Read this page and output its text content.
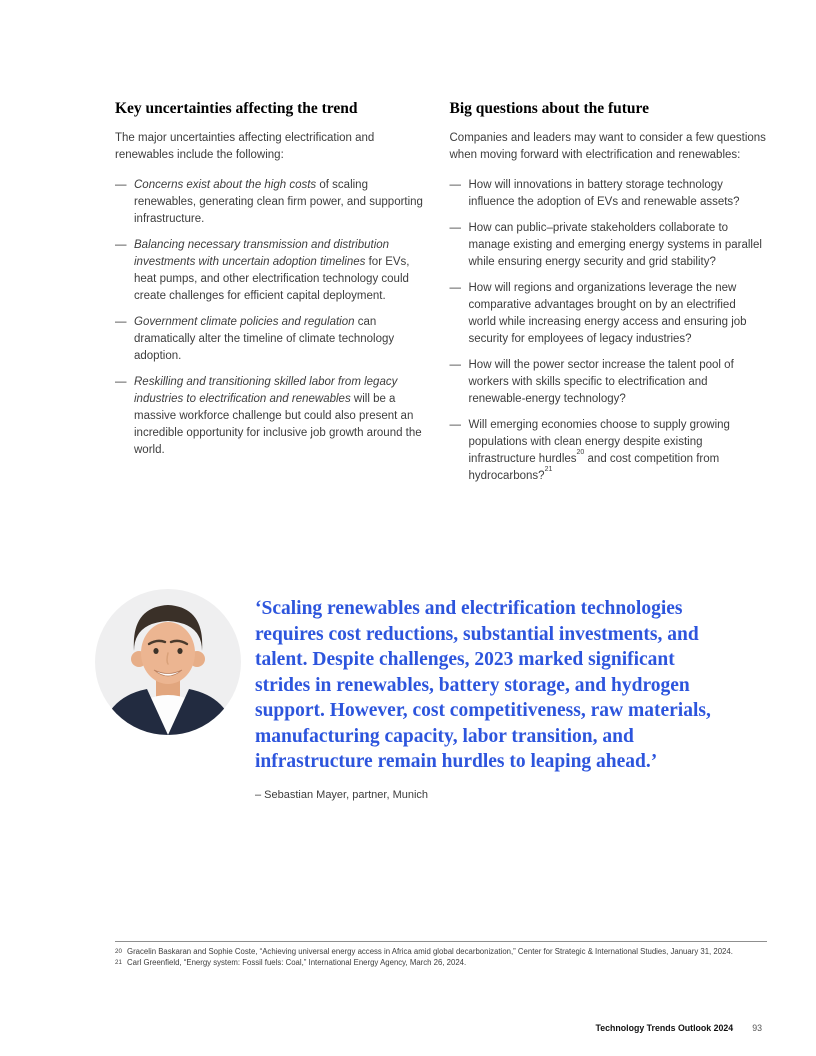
Key uncertainties affecting the trend

The major uncertainties affecting electrification and renewables include the following:

— Concerns exist about the high costs of scaling renewables, generating clean firm power, and supporting infrastructure.

— Balancing necessary transmission and distribution investments with uncertain adoption timelines for EVs, heat pumps, and other electrification technology could create challenges for efficient capital deployment.

— Government climate policies and regulation can dramatically alter the timeline of climate technology adoption.

— Reskilling and transitioning skilled labor from legacy industries to electrification and renewables will be a massive workforce challenge but could also present an incredible opportunity for inclusive job growth around the world.

Big questions about the future

Companies and leaders may want to consider a few questions when moving forward with electrification and renewables:

— How will innovations in battery storage technology influence the adoption of EVs and renewable assets?

— How can public–private stakeholders collaborate to manage existing and emerging energy systems in parallel while ensuring energy security and grid stability?

— How will regions and organizations leverage the new comparative advantages brought on by an electrified world while increasing energy access and ensuring job security for employees of legacy industries?

— How will the power sector increase the talent pool of workers with skills specific to electrification and renewable-energy technology?

— Will emerging economies choose to supply growing populations with clean energy despite existing infrastructure hurdles$^{20}$ and cost competition from hydrocarbons?$^{21}$

‘Scaling renewables and electrification technologies requires cost reductions, substantial investments, and talent. Despite challenges, 2023 marked significant strides in renewables, battery storage, and hydrogen support. However, cost competitiveness, raw materials, manufacturing capacity, labor transition, and infrastructure remain hurdles to leaping ahead.’

– Sebastian Mayer, partner, Munich

20 Gracelin Baskaran and Sophie Coste, “Achieving universal energy access in Africa amid global decarbonization,” Center for Strategic & International Studies, January 31, 2024.
21 Carl Greenfield, “Energy system: Fossil fuels: Coal,” International Energy Agency, March 26, 2024.
Technology Trends Outlook 2024 93
